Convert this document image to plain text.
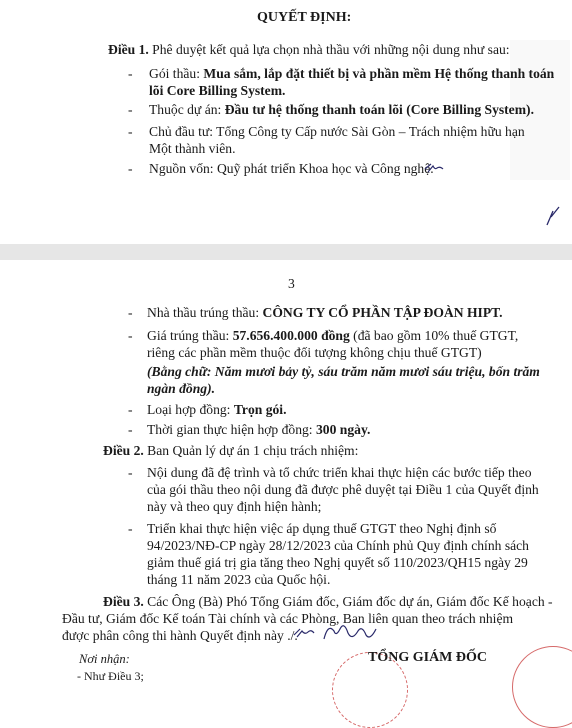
QUYẾT ĐỊNH:
Điều 1. Phê duyệt kết quả lựa chọn nhà thầu với những nội dung như sau:
- Gói thầu: Mua sắm, lắp đặt thiết bị và phần mềm Hệ thống thanh toán
lõi Core Billing System.
- Thuộc dự án: Đầu tư hệ thống thanh toán lõi (Core Billing System).
- Chủ đầu tư: Tổng Công ty Cấp nước Sài Gòn – Trách nhiệm hữu hạn
Một thành viên.
- Nguồn vốn: Quỹ phát triển Khoa học và Công nghệ.
3
- Nhà thầu trúng thầu: CÔNG TY CỔ PHẦN TẬP ĐOÀN HIPT.
- Giá trúng thầu: 57.656.400.000 đồng (đã bao gồm 10% thuế GTGT,
riêng các phần mềm thuộc đối tượng không chịu thuế GTGT)
(Bằng chữ: Năm mươi bảy tỷ, sáu trăm năm mươi sáu triệu, bốn trăm
ngàn đồng).
- Loại hợp đồng: Trọn gói.
- Thời gian thực hiện hợp đồng: 300 ngày.
Điều 2. Ban Quản lý dự án 1 chịu trách nhiệm:
- Nội dung đã đệ trình và tổ chức triển khai thực hiện các bước tiếp theo
của gói thầu theo nội dung đã được phê duyệt tại Điều 1 của Quyết định
này và theo quy định hiện hành;
- Triển khai thực hiện việc áp dụng thuế GTGT theo Nghị định số
94/2023/NĐ-CP ngày 28/12/2023 của Chính phủ Quy định chính sách
giảm thuế giá trị gia tăng theo Nghị quyết số 110/2023/QH15 ngày 29
tháng 11 năm 2023 của Quốc hội.
Điều 3. Các Ông (Bà) Phó Tổng Giám đốc, Giám đốc dự án, Giám đốc Kế hoạch -
Đầu tư, Giám đốc Kế toán Tài chính và các Phòng, Ban liên quan theo trách nhiệm
được phân công thi hành Quyết định này ./.
Nơi nhận:
- Như Điều 3;
TỔNG GIÁM ĐỐC
